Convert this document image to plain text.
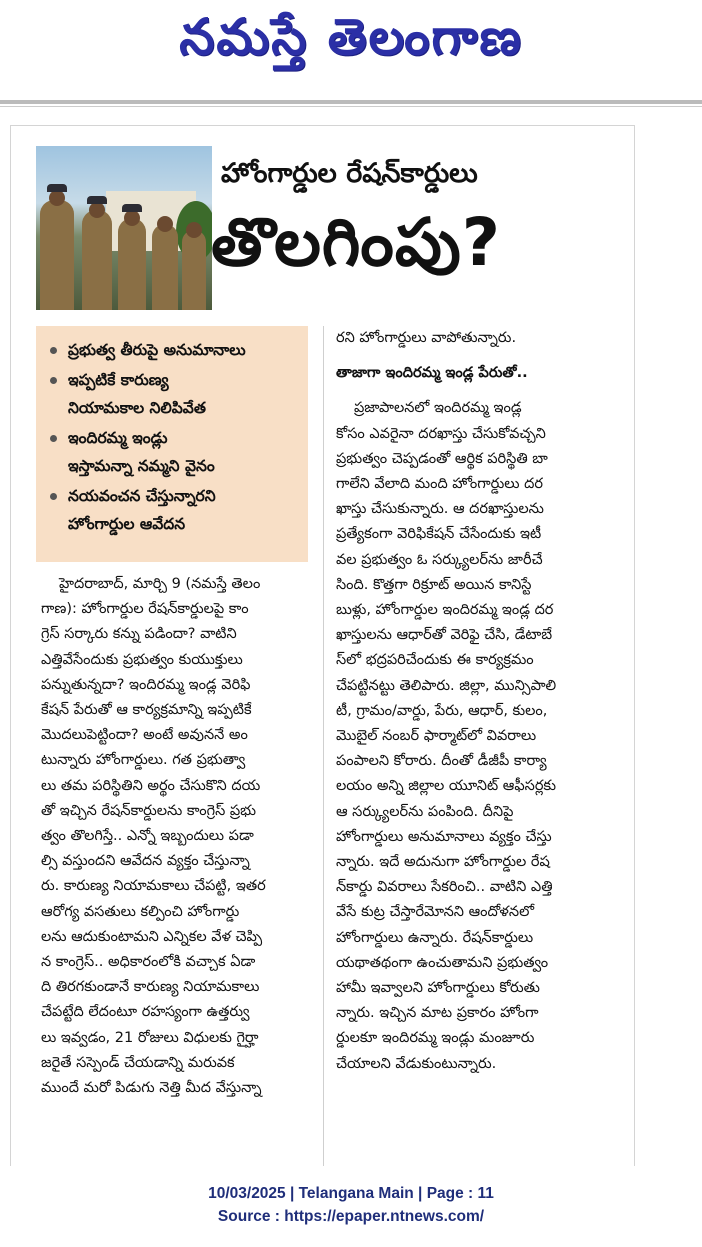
నమస్తే తెలంగాణ
హోంగార్డుల రేషన్‌కార్డులు
తొలగింపు?
ప్రభుత్వ తీరుపై అనుమానాలు
ఇప్పటికే కారుణ్య
నియామకాల నిలిపివేత
ఇందిరమ్మ ఇండ్లు
ఇస్తామన్నా నమ్మని వైనం
నయవంచన చేస్తున్నారని
హోంగార్డుల ఆవేదన
హైదరాబాద్, మార్చి 9 (నమస్తే తెలం
గాణ): హోంగార్డుల రేషన్‌కార్డులపై కాం
గ్రెస్ సర్కారు కన్ను పడిందా? వాటిని
ఎత్తివేసేందుకు ప్రభుత్వం కుయుక్తులు
పన్నుతున్నదా? ఇందిరమ్మ ఇండ్ల వెరిఫి
కేషన్ పేరుతో ఆ కార్యక్రమాన్ని ఇప్పటికే
మొదలుపెట్టిందా? అంటే అవుననే అం
టున్నారు హోంగార్డులు. గత ప్రభుత్వా
లు తమ పరిస్థితిని అర్థం చేసుకొని దయ
తో ఇచ్చిన రేషన్‌కార్డులను కాంగ్రెస్ ప్రభు
త్వం తొలగిస్తే.. ఎన్నో ఇబ్బందులు పడా
ల్సి వస్తుందని ఆవేదన వ్యక్తం చేస్తున్నా
రు. కారుణ్య నియామకాలు చేపట్టి, ఇతర
ఆరోగ్య వసతులు కల్పించి హోంగార్డు
లను ఆదుకుంటామని ఎన్నికల వేళ చెప్పి
న కాంగ్రెస్.. అధికారంలోకి వచ్చాక ఏడా
ది తిరగకుండానే కారుణ్య నియామకాలు
చేపట్టేది లేదంటూ రహస్యంగా ఉత్తర్వు
లు ఇవ్వడం, 21 రోజులు విధులకు గైర్హా
జరైతే సస్పెండ్ చేయడాన్ని మరువక
ముందే మరో పిడుగు నెత్తి మీద వేస్తున్నా
రని హోంగార్డులు వాపోతున్నారు.
తాజాగా ఇందిరమ్మ ఇండ్ల పేరుతో..
ప్రజాపాలనలో ఇందిరమ్మ ఇండ్ల
కోసం ఎవరైనా దరఖాస్తు చేసుకోవచ్చని
ప్రభుత్వం చెప్పడంతో ఆర్థిక పరిస్థితి బా
గాలేని వేలాది మంది హోంగార్డులు దర
ఖాస్తు చేసుకున్నారు. ఆ దరఖాస్తులను
ప్రత్యేకంగా వెరిఫికేషన్ చేసేందుకు ఇటీ
వల ప్రభుత్వం ఓ సర్క్యులర్‌ను జారీచే
సింది. కొత్తగా రిక్రూట్ అయిన కానిస్టే
బుళ్లు, హోంగార్డుల ఇందిరమ్మ ఇండ్ల దర
ఖాస్తులను ఆధార్‌తో వెరిఫై చేసి, డేటాబే
స్‌లో భద్రపరిచేందుకు ఈ కార్యక్రమం
చేపట్టినట్టు తెలిపారు. జిల్లా, మున్సిపాలి
టీ, గ్రామం/వార్డు, పేరు, ఆధార్, కులం,
మొబైల్ నంబర్ ఫార్మాట్‌లో వివరాలు
పంపాలని కోరారు. దీంతో డీజీపీ కార్యా
లయం అన్ని జిల్లాల యూనిట్ ఆఫీసర్లకు
ఆ సర్క్యులర్‌ను పంపింది. దీనిపై
హోంగార్డులు అనుమానాలు వ్యక్తం చేస్తు
న్నారు. ఇదే అదునుగా హోంగార్డుల రేష
న్‌కార్డు వివరాలు సేకరించి.. వాటిని ఎత్తి
వేసే కుట్ర చేస్తారేమోనని ఆందోళనలో
హోంగార్డులు ఉన్నారు. రేషన్‌కార్డులు
యథాతథంగా ఉంచుతామని ప్రభుత్వం
హామీ ఇవ్వాలని హోంగార్డులు కోరుతు
న్నారు. ఇచ్చిన మాట ప్రకారం హోంగా
ర్డులకూ ఇందిరమ్మ ఇండ్లు మంజూరు
చేయాలని వేడుకుంటున్నారు.
10/03/2025 | Telangana Main | Page : 11
Source : https://epaper.ntnews.com/
